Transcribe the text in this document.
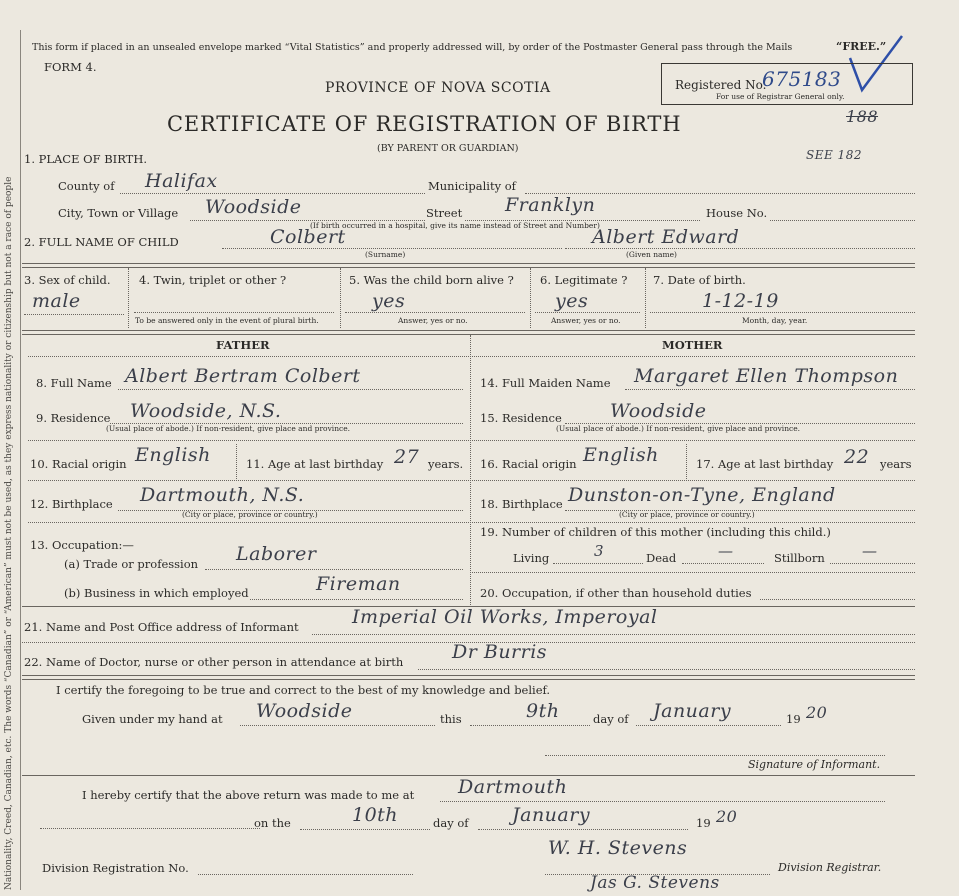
Nationality, Creed, Canadian, etc. The words “Canadian” or “American” must not be used, as they express nationality or citizenship but not a race of people
This form if placed in an unsealed envelope marked “Vital Statistics” and properly addressed will, by order of the Postmaster General pass through the Mails	“FREE.”
FORM 4.
PROVINCE OF NOVA SCOTIA
CERTIFICATE OF REGISTRATION OF BIRTH
(BY PARENT OR GUARDIAN)
Registered No.
675183
For use of Registrar General only.
188
SEE 182
1. PLACE OF BIRTH.
County of Halifax	Municipality of
City, Town or Village Woodside	Street Franklyn	House No.
(If birth occurred in a hospital, give its name instead of Street and Number)
2. FULL NAME OF CHILD	Colbert
(Surname)
Albert Edward
(Given name)
3. Sex of child.
male
4. Twin, triplet or other ?
To be answered only in the event of plural birth.
5. Was the child born alive ?
yes
Answer, yes or no.
6. Legitimate ?
yes
Answer, yes or no.
7. Date of birth.
1-12-19
Month, day, year.
FATHER	MOTHER
8. Full Name Albert Bertram Colbert	14. Full Maiden Name Margaret Ellen Thompson
9. Residence Woodside, N.S.
(Usual place of abode.) If non-resident, give place and province.
15. Residence	Woodside
(Usual place of abode.) If non-resident, give place and province.
10. Racial origin English	11. Age at last birthday 27 years. 16. Racial origin English	17. Age at last birthday 22 years
12. Birthplace Dartmouth, N.S.
(City or place, province or country.)
18. Birthplace Dunston-on-Tyne, England
(City or place, province or country.)
13. Occupation:—
19. Number of children of this mother (including this child.)
(a) Trade or profession Laborer	Living	3	Dead	—	Stillborn —
(b) Business in which employed	Fireman	20. Occupation, if other than household duties
21. Name and Post Office address of Informant	Imperial Oil Works, Imperoyal
22. Name of Doctor, nurse or other person in attendance at birth	Dr Burris
I certify the foregoing to be true and correct to the best of my knowledge and belief.
Given under my hand at Woodside	this	9th	day of January	19 20
Signature of Informant.
I hereby certify that the above return was made to me at Dartmouth
on the	10th	day of January	19 20
Division Registration No.
W. H. Stevens
Division Registrar.
Jas G. Stevens
